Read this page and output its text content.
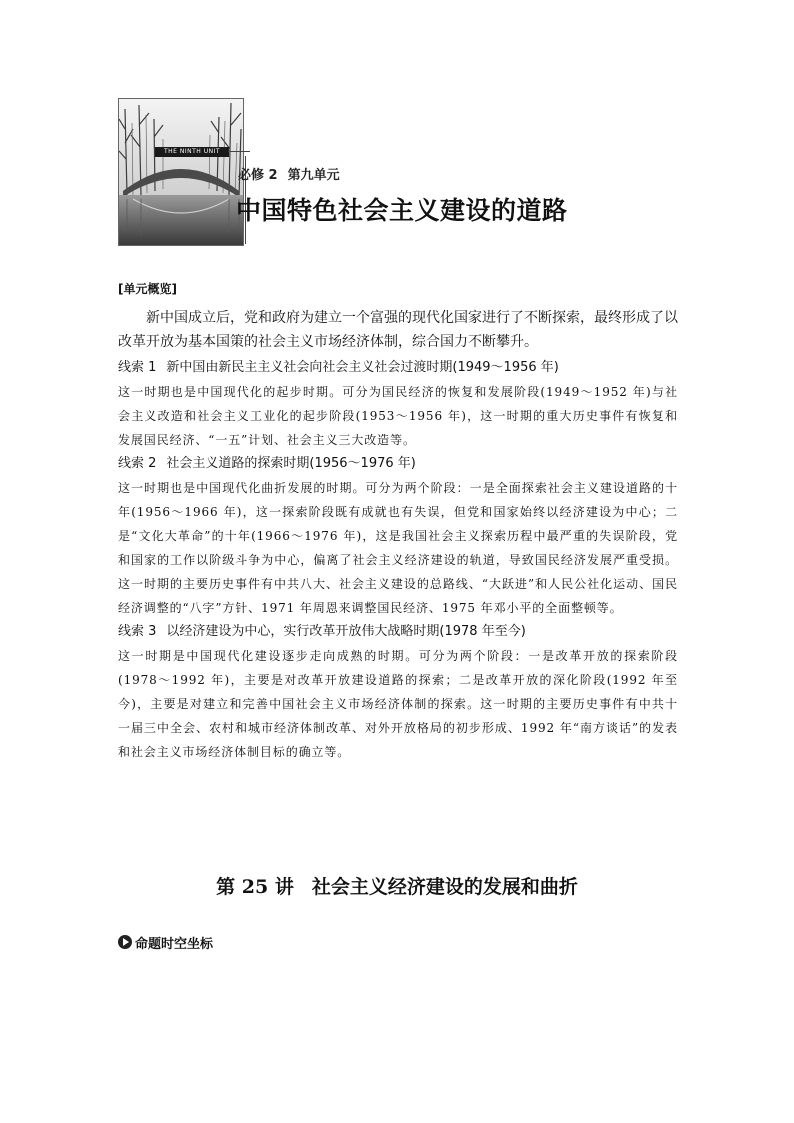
THE NINTH UNIT
必修 2 第九单元
中国特色社会主义建设的道路

[单元概览]

新中国成立后，党和政府为建立一个富强的现代化国家进行了不断探索，最终形成了以改革开放为基本国策的社会主义市场经济体制，综合国力不断攀升。

线索 1 新中国由新民主主义社会向社会主义社会过渡时期(1949～1956 年)

这一时期也是中国现代化的起步时期。可分为国民经济的恢复和发展阶段(1949～1952 年)与社会主义改造和社会主义工业化的起步阶段(1953～1956 年)，这一时期的重大历史事件有恢复和发展国民经济、“一五”计划、社会主义三大改造等。

线索 2 社会主义道路的探索时期(1956～1976 年)

这一时期也是中国现代化曲折发展的时期。可分为两个阶段：一是全面探索社会主义建设道路的十年(1956～1966 年)，这一探索阶段既有成就也有失误，但党和国家始终以经济建设为中心；二是“文化大革命”的十年(1966～1976 年)，这是我国社会主义探索历程中最严重的失误阶段，党和国家的工作以阶级斗争为中心，偏离了社会主义经济建设的轨道，导致国民经济发展严重受损。这一时期的主要历史事件有中共八大、社会主义建设的总路线、“大跃进”和人民公社化运动、国民经济调整的“八字”方针、1971 年周恩来调整国民经济、1975 年邓小平的全面整顿等。

线索 3 以经济建设为中心，实行改革开放伟大战略时期(1978 年至今)

这一时期是中国现代化建设逐步走向成熟的时期。可分为两个阶段：一是改革开放的探索阶段(1978～1992 年)，主要是对改革开放建设道路的探索；二是改革开放的深化阶段(1992 年至今)，主要是对建立和完善中国社会主义市场经济体制的探索。这一时期的主要历史事件有中共十一届三中全会、农村和城市经济体制改革、对外开放格局的初步形成、1992 年“南方谈话”的发表和社会主义市场经济体制目标的确立等。

第 25 讲 社会主义经济建设的发展和曲折
命题时空坐标
